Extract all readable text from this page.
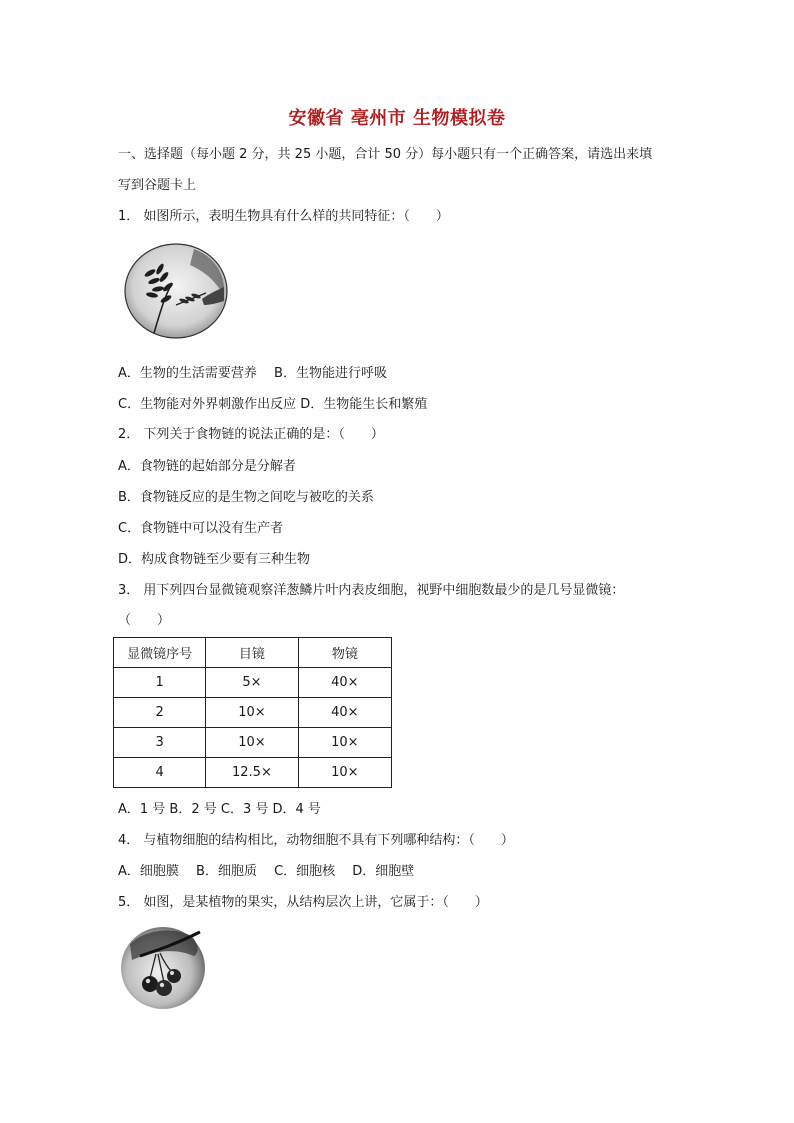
安徽省 亳州市 生物模拟卷
一、选择题（每小题 2 分，共 25 小题，合计 50 分）每小题只有一个正确答案，请选出来填
写到谷题卡上
1． 如图所示，表明生物具有什么样的共同特征：（　　）
A．生物的生活需要营养　 B．生物能进行呼吸
C．生物能对外界刺激作出反应 D．生物能生长和繁殖
2． 下列关于食物链的说法正确的是：（　　）
A．食物链的起始部分是分解者
B．食物链反应的是生物之间吃与被吃的关系
C．食物链中可以没有生产者
D．构成食物链至少要有三种生物
3． 用下列四台显微镜观察洋葱鳞片叶内表皮细胞，视野中细胞数最少的是几号显微镜：
（　　）
显微镜序号	目镜	物镜
1	5×	40×
2	10×	40×
3	10×	10×
4	12.5×	10×
A．1 号 B．2 号 C．3 号 D．4 号
4． 与植物细胞的结构相比，动物细胞不具有下列哪种结构：（　　）
A．细胞膜　 B．细胞质　 C．细胞核　 D．细胞壁
5． 如图，是某植物的果实，从结构层次上讲，它属于：（　　）
